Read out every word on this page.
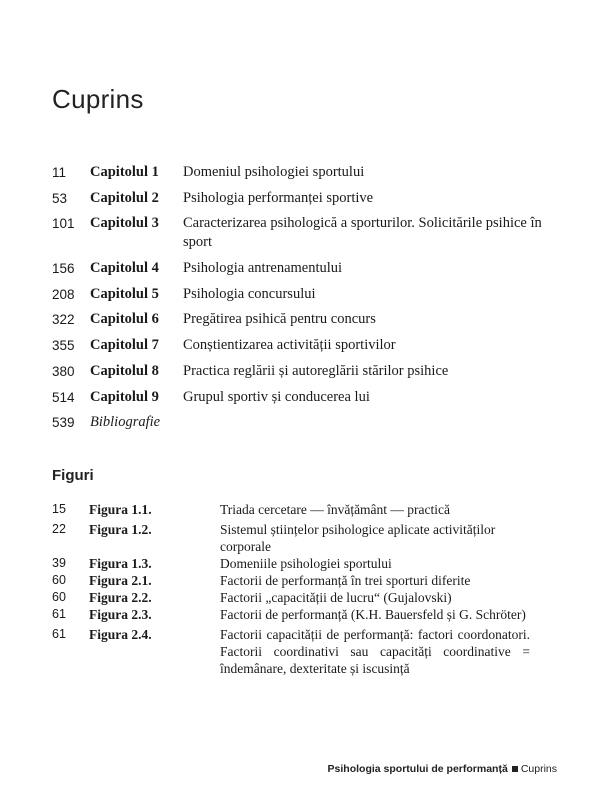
Cuprins
11	Capitolul 1	Domeniul psihologiei sportului
53	Capitolul 2	Psihologia performanței sportive
101	Capitolul 3	Caracterizarea psihologică a sporturilor. Solicitările psihice în sport
156	Capitolul 4	Psihologia antrenamentului
208	Capitolul 5	Psihologia concursului
322	Capitolul 6	Pregătirea psihică pentru concurs
355	Capitolul 7	Conștientizarea activității sportivilor
380	Capitolul 8	Practica reglării și autoreglării stărilor psihice
514	Capitolul 9	Grupul sportiv și conducerea lui
539	Bibliografie
Figuri
15	Figura 1.1.	Triada cercetare — învățământ — practică
22	Figura 1.2.	Sistemul științelor psihologice aplicate activităților corporale
39	Figura 1.3.	Domeniile psihologiei sportului
60	Figura 2.1.	Factorii de performanță în trei sporturi diferite
60	Figura 2.2.	Factorii „capacității de lucru“ (Gujalovski)
61	Figura 2.3.	Factorii de performanță (K.H. Bauersfeld și G. Schröter)
61	Figura 2.4.	Factorii capacității de performanță: factori coordonatori. Factorii coordinativi sau capacități coordinative = îndemânare, dexteritate și iscusință
Psihologia sportului de performanță Cuprins
